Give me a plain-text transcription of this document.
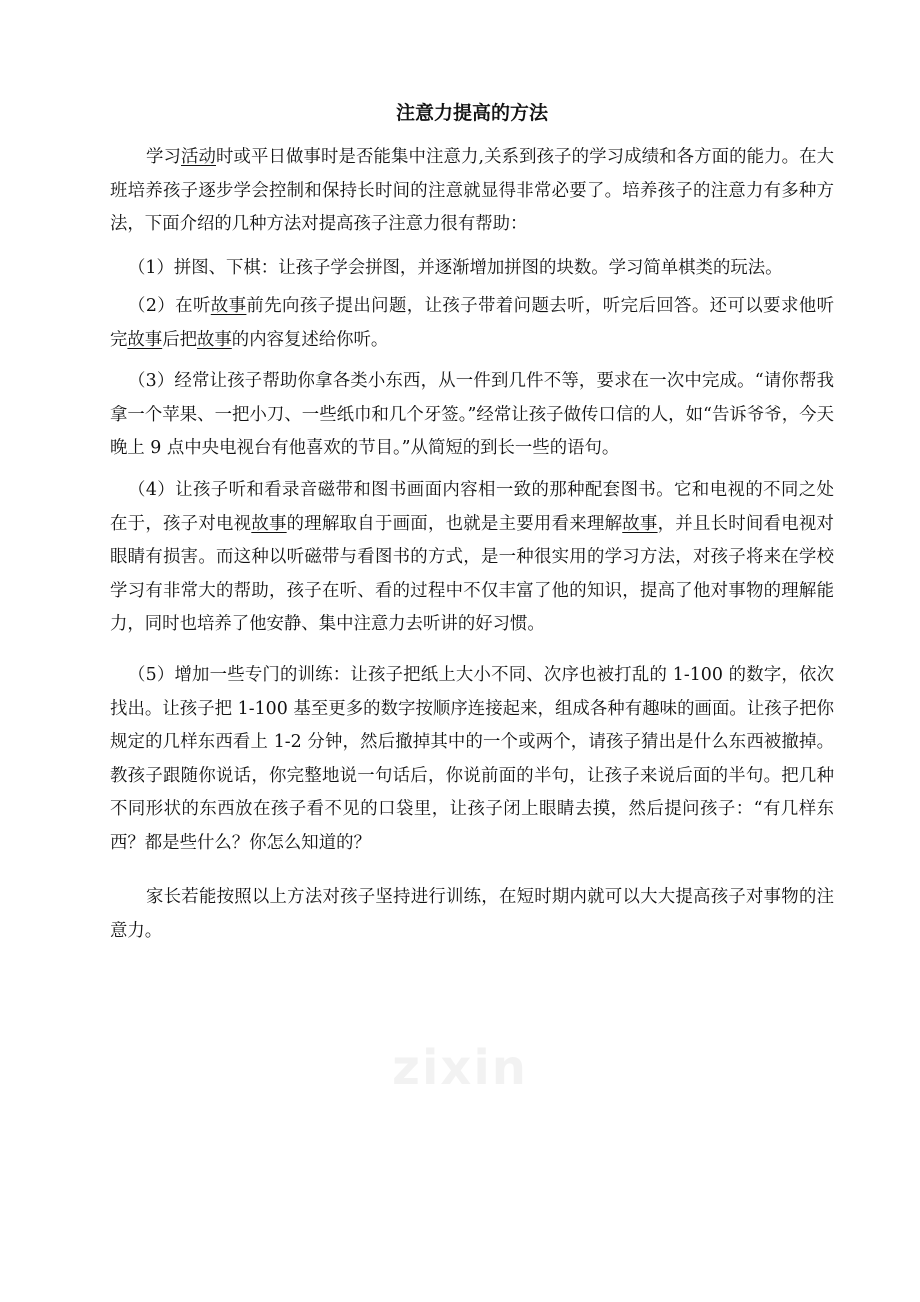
注意力提高的方法

学习活动时或平日做事时是否能集中注意力,关系到孩子的学习成绩和各方面的能力。在大班培养孩子逐步学会控制和保持长时间的注意就显得非常必要了。培养孩子的注意力有多种方法，下面介绍的几种方法对提高孩子注意力很有帮助：

（1）拼图、下棋：让孩子学会拼图，并逐渐增加拼图的块数。学习简单棋类的玩法。

（2）在听故事前先向孩子提出问题，让孩子带着问题去听，听完后回答。还可以要求他听完故事后把故事的内容复述给你听。

（3）经常让孩子帮助你拿各类小东西，从一件到几件不等，要求在一次中完成。“请你帮我拿一个苹果、一把小刀、一些纸巾和几个牙签。”经常让孩子做传口信的人，如“告诉爷爷，今天晚上 9 点中央电视台有他喜欢的节目。”从简短的到长一些的语句。

（4）让孩子听和看录音磁带和图书画面内容相一致的那种配套图书。它和电视的不同之处在于，孩子对电视故事的理解取自于画面，也就是主要用看来理解故事，并且长时间看电视对眼睛有损害。而这种以听磁带与看图书的方式，是一种很实用的学习方法，对孩子将来在学校学习有非常大的帮助，孩子在听、看的过程中不仅丰富了他的知识，提高了他对事物的理解能力，同时也培养了他安静、集中注意力去听讲的好习惯。

（5）增加一些专门的训练：让孩子把纸上大小不同、次序也被打乱的 1-100 的数字，依次找出。让孩子把 1-100 基至更多的数字按顺序连接起来，组成各种有趣味的画面。让孩子把你规定的几样东西看上 1-2 分钟，然后撤掉其中的一个或两个，请孩子猜出是什么东西被撤掉。教孩子跟随你说话，你完整地说一句话后，你说前面的半句，让孩子来说后面的半句。把几种不同形状的东西放在孩子看不见的口袋里，让孩子闭上眼睛去摸，然后提问孩子：“有几样东西？都是些什么？你怎么知道的？

家长若能按照以上方法对孩子坚持进行训练，在短时期内就可以大大提高孩子对事物的注意力。

zixin
